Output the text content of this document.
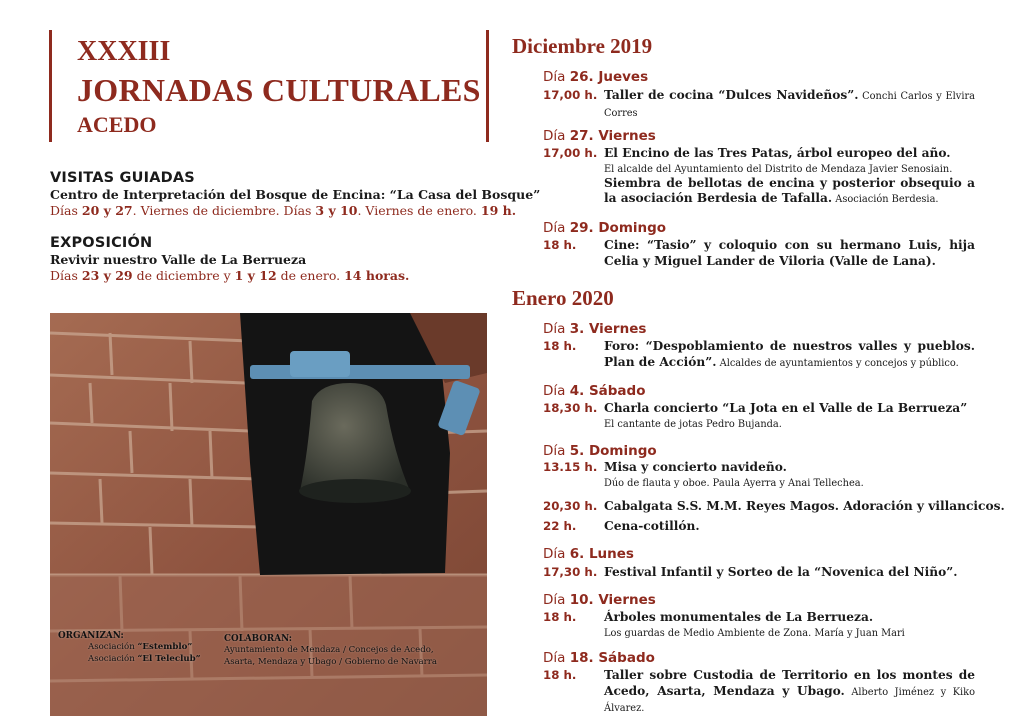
XXXIII
JORNADAS CULTURALES
ACEDO
VISITAS GUIADAS
Centro de Interpretación del Bosque de Encina: “La Casa del Bosque”
Días 20 y 27. Viernes de diciembre. Días 3 y 10. Viernes de enero. 19 h.
EXPOSICIÓN
Revivir nuestro Valle de La Berrueza
Días 23 y 29 de diciembre y 1 y 12 de enero. 14 horas.
ORGANIZAN:
Asociación “Estemblo”
Asociación “El Teleclub”
COLABORAN:
Ayuntamiento de Mendaza / Concejos de Acedo,
Asarta, Mendaza y Ubago / Gobierno de Navarra
Diciembre 2019
Día 26. Jueves
17,00 h. Taller de cocina “Dulces Navideños”. Conchi Carlos y Elvira Corres
Día 27. Viernes
17,00 h. El Encino de las Tres Patas, árbol europeo del año.
El alcalde del Ayuntamiento del Distrito de Mendaza Javier Senosiain.
Siembra de bellotas de encina y posterior obsequio a la asociación Berdesia de Tafalla. Asociación Berdesia.
Día 29. Domingo
18 h. Cine: “Tasio” y coloquio con su hermano Luis, hija Celia y Miguel Lander de Viloria (Valle de Lana).
Enero 2020
Día 3. Viernes
18 h. Foro: “Despoblamiento de nuestros valles y pueblos. Plan de Acción”. Alcaldes de ayuntamientos y concejos y público.
Día 4. Sábado
18,30 h. Charla concierto “La Jota en el Valle de La Berrueza”
El cantante de jotas Pedro Bujanda.
Día 5. Domingo
13.15 h. Misa y concierto navideño.
Dúo de flauta y oboe. Paula Ayerra y Anai Tellechea.
20,30 h. Cabalgata S.S. M.M. Reyes Magos. Adoración y villancicos.
22 h. Cena-cotillón.
Día 6. Lunes
17,30 h. Festival Infantil y Sorteo de la “Novenica del Niño”.
Día 10. Viernes
18 h. Árboles monumentales de La Berrueza.
Los guardas de Medio Ambiente de Zona. María y Juan Mari
Día 18. Sábado
18 h. Taller sobre Custodia de Territorio en los montes de Acedo, Asarta, Mendaza y Ubago. Alberto Jiménez y Kiko Álvarez.
